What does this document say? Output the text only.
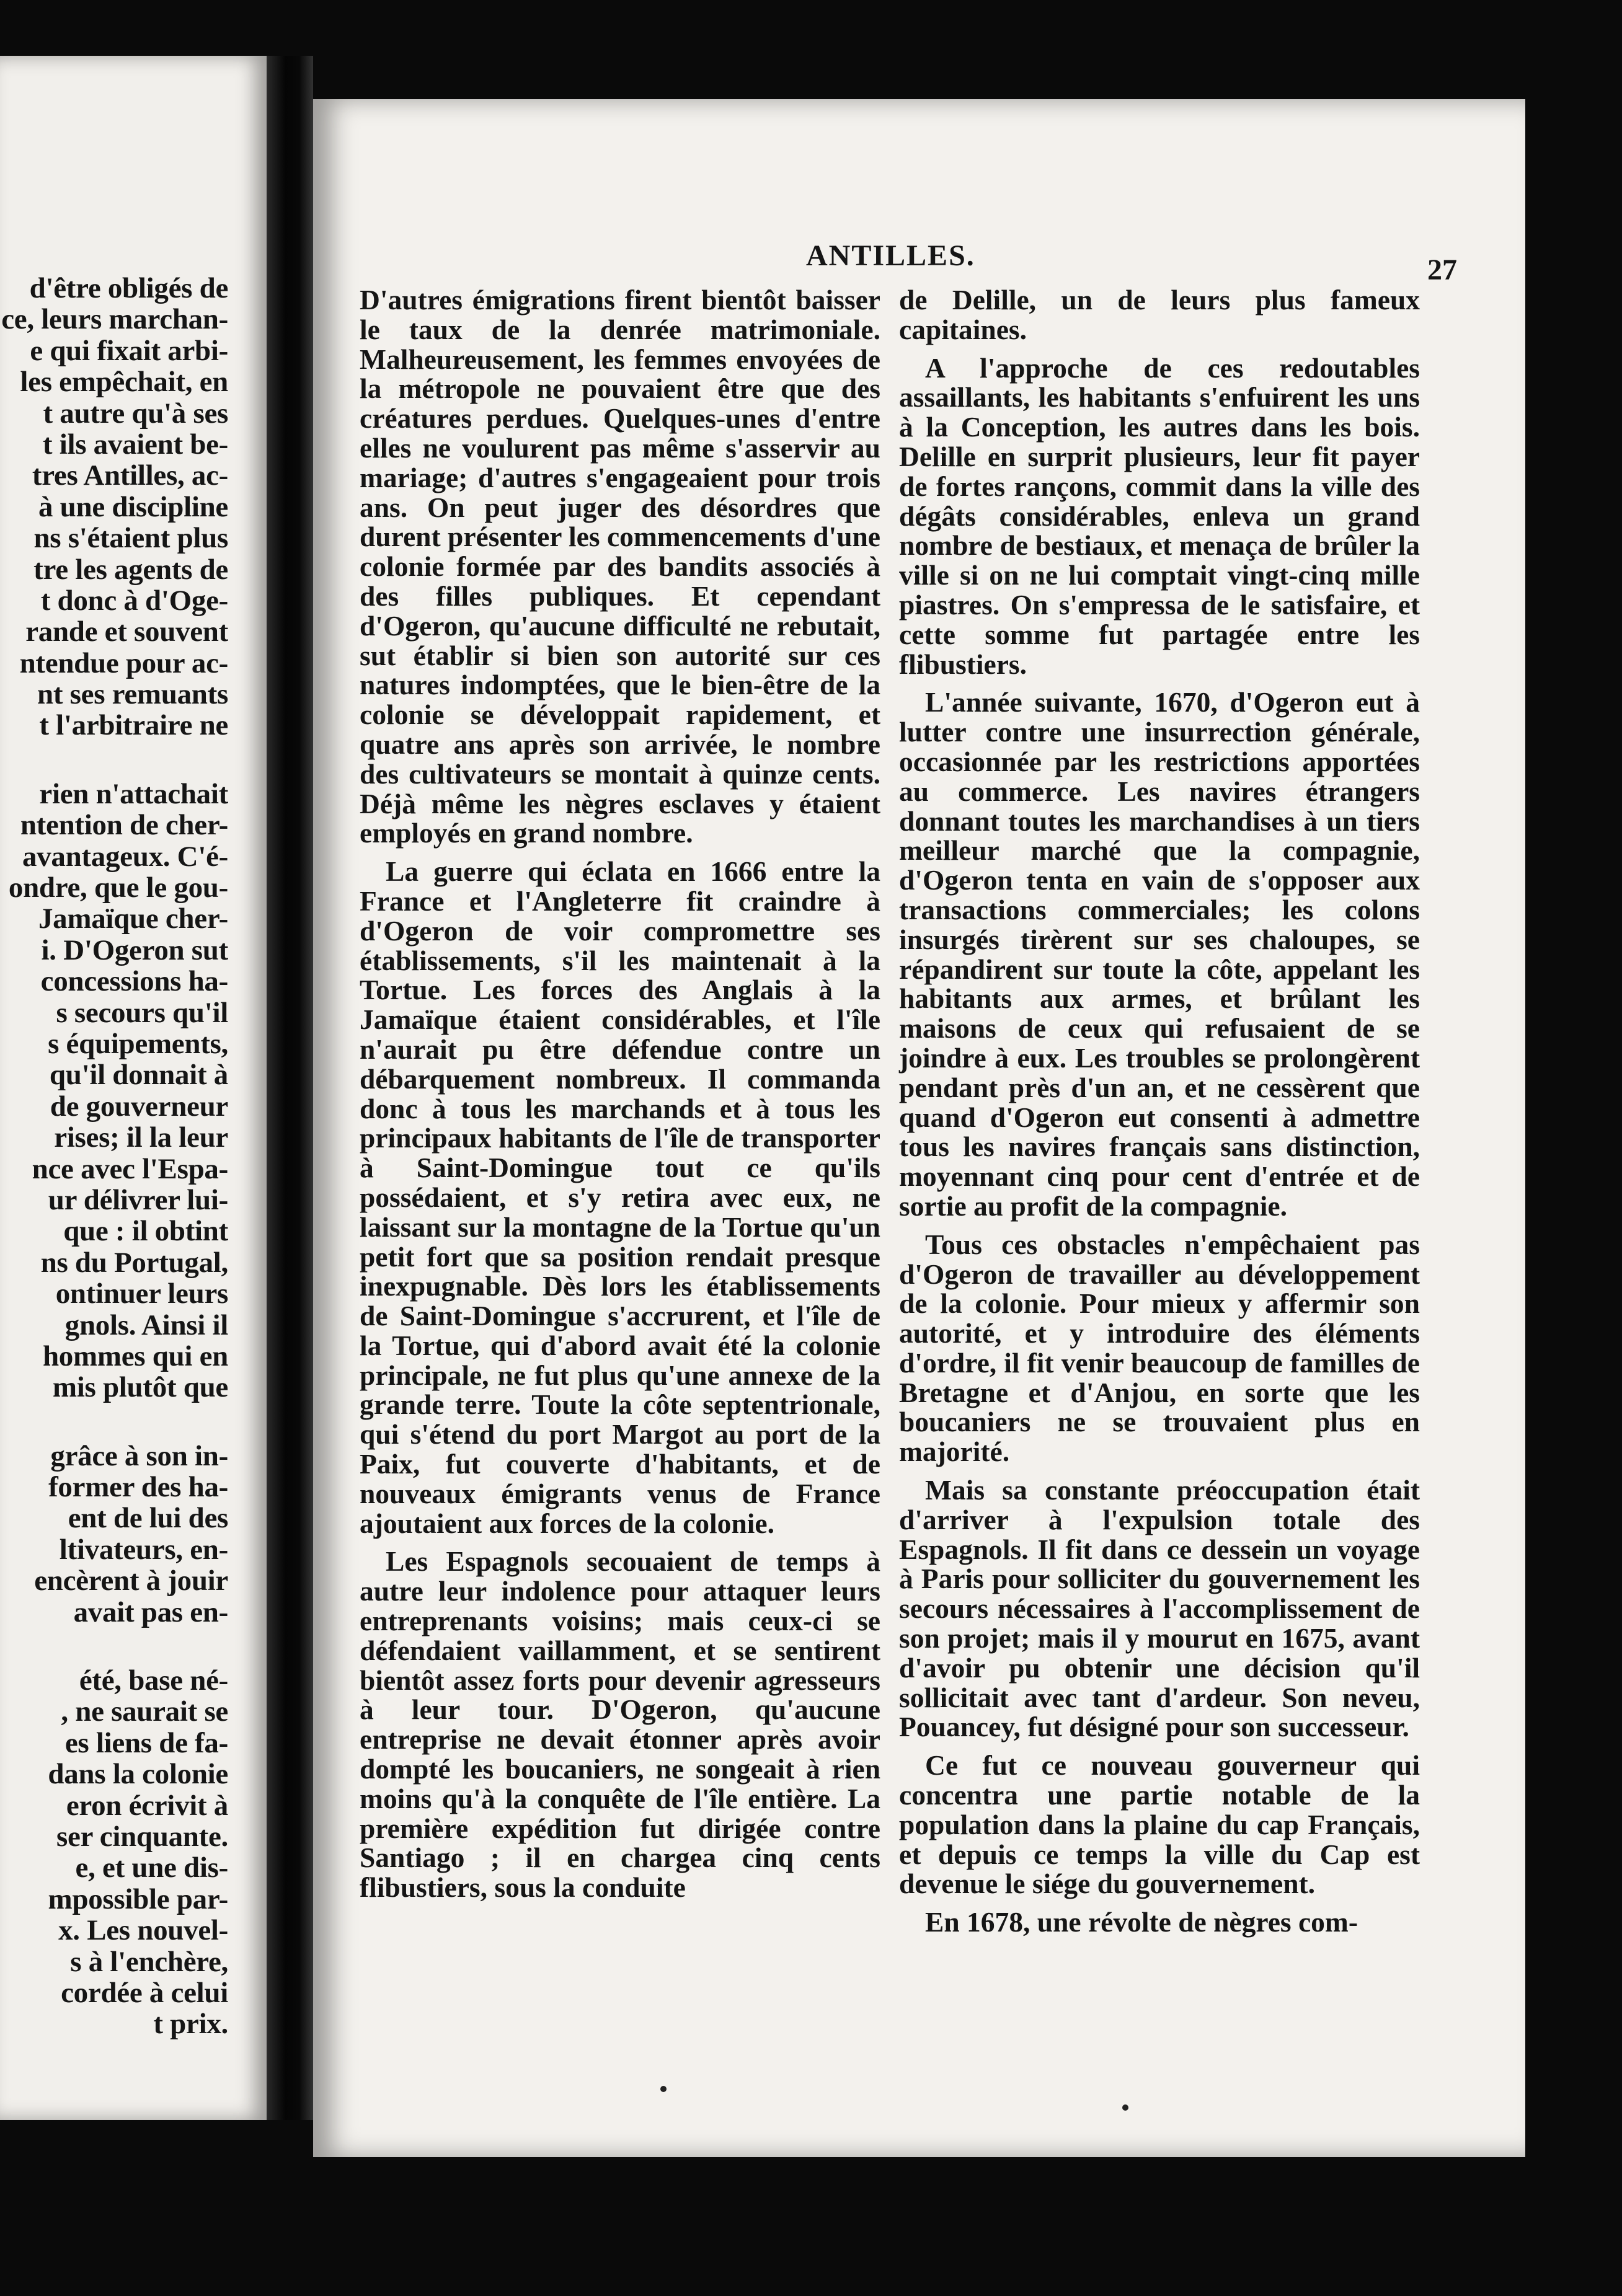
d'être obligés de
ce, leurs marchan-
e qui fixait arbi-
les empêchait, en
t autre qu'à ses
t ils avaient be-
tres Antilles, ac-
à une discipline
ns s'étaient plus
tre les agents de
t donc à d'Oge-
rande et souvent
ntendue pour ac-
nt ses remuants
t l'arbitraire ne
rien n'attachait
ntention de cher-
avantageux. C'é-
ondre, que le gou-
Jamaïque cher-
i. D'Ogeron sut
concessions ha-
s secours qu'il
s équipements,
qu'il donnait à
de gouverneur
rises; il la leur
nce avec l'Espa-
ur délivrer lui-
que : il obtint
ns du Portugal,
ontinuer leurs
gnols. Ainsi il
hommes qui en
mis plutôt que
grâce à son in-
former des ha-
ent de lui des
ltivateurs, en-
encèrent à jouir
avait pas en-
été, base né-
, ne saurait se
es liens de fa-
dans la colonie
eron écrivit à
ser cinquante.
e, et une dis-
mpossible par-
x. Les nouvel-
s à l'enchère,
cordée à celui
t prix.
ANTILLES.	27

D'autres émigrations firent bientôt baisser le taux de la denrée matrimoniale. Malheureusement, les femmes envoyées de la métropole ne pouvaient être que des créatures perdues. Quelques-unes d'entre elles ne voulurent pas même s'asservir au mariage; d'autres s'engageaient pour trois ans. On peut juger des désordres que durent présenter les commencements d'une colonie formée par des bandits associés à des filles publiques. Et cependant d'Ogeron, qu'aucune difficulté ne rebutait, sut établir si bien son autorité sur ces natures indomptées, que le bien-être de la colonie se développait rapidement, et quatre ans après son arrivée, le nombre des cultivateurs se montait à quinze cents. Déjà même les nègres esclaves y étaient employés en grand nombre.

La guerre qui éclata en 1666 entre la France et l'Angleterre fit craindre à d'Ogeron de voir compromettre ses établissements, s'il les maintenait à la Tortue. Les forces des Anglais à la Jamaïque étaient considérables, et l'île n'aurait pu être défendue contre un débarquement nombreux. Il commanda donc à tous les marchands et à tous les principaux habitants de l'île de transporter à Saint-Domingue tout ce qu'ils possédaient, et s'y retira avec eux, ne laissant sur la montagne de la Tortue qu'un petit fort que sa position rendait presque inexpugnable. Dès lors les établissements de Saint-Domingue s'accrurent, et l'île de la Tortue, qui d'abord avait été la colonie principale, ne fut plus qu'une annexe de la grande terre. Toute la côte septentrionale, qui s'étend du port Margot au port de la Paix, fut couverte d'habitants, et de nouveaux émigrants venus de France ajoutaient aux forces de la colonie.

Les Espagnols secouaient de temps à autre leur indolence pour attaquer leurs entreprenants voisins; mais ceux-ci se défendaient vaillamment, et se sentirent bientôt assez forts pour devenir agresseurs à leur tour. D'Ogeron, qu'aucune entreprise ne devait étonner après avoir dompté les boucaniers, ne songeait à rien moins qu'à la conquête de l'île entière. La première expédition fut dirigée contre Santiago ; il en chargea cinq cents flibustiers, sous la conduite

de Delille, un de leurs plus fameux capitaines.

A l'approche de ces redoutables assaillants, les habitants s'enfuirent les uns à la Conception, les autres dans les bois. Delille en surprit plusieurs, leur fit payer de fortes rançons, commit dans la ville des dégâts considérables, enleva un grand nombre de bestiaux, et menaça de brûler la ville si on ne lui comptait vingt-cinq mille piastres. On s'empressa de le satisfaire, et cette somme fut partagée entre les flibustiers.

L'année suivante, 1670, d'Ogeron eut à lutter contre une insurrection générale, occasionnée par les restrictions apportées au commerce. Les navires étrangers donnant toutes les marchandises à un tiers meilleur marché que la compagnie, d'Ogeron tenta en vain de s'opposer aux transactions commerciales; les colons insurgés tirèrent sur ses chaloupes, se répandirent sur toute la côte, appelant les habitants aux armes, et brûlant les maisons de ceux qui refusaient de se joindre à eux. Les troubles se prolongèrent pendant près d'un an, et ne cessèrent que quand d'Ogeron eut consenti à admettre tous les navires français sans distinction, moyennant cinq pour cent d'entrée et de sortie au profit de la compagnie.

Tous ces obstacles n'empêchaient pas d'Ogeron de travailler au développement de la colonie. Pour mieux y affermir son autorité, et y introduire des éléments d'ordre, il fit venir beaucoup de familles de Bretagne et d'Anjou, en sorte que les boucaniers ne se trouvaient plus en majorité.

Mais sa constante préoccupation était d'arriver à l'expulsion totale des Espagnols. Il fit dans ce dessein un voyage à Paris pour solliciter du gouvernement les secours nécessaires à l'accomplissement de son projet; mais il y mourut en 1675, avant d'avoir pu obtenir une décision qu'il sollicitait avec tant d'ardeur. Son neveu, Pouancey, fut désigné pour son successeur.

Ce fut ce nouveau gouverneur qui concentra une partie notable de la population dans la plaine du cap Français, et depuis ce temps la ville du Cap est devenue le siége du gouvernement.

En 1678, une révolte de nègres com-
